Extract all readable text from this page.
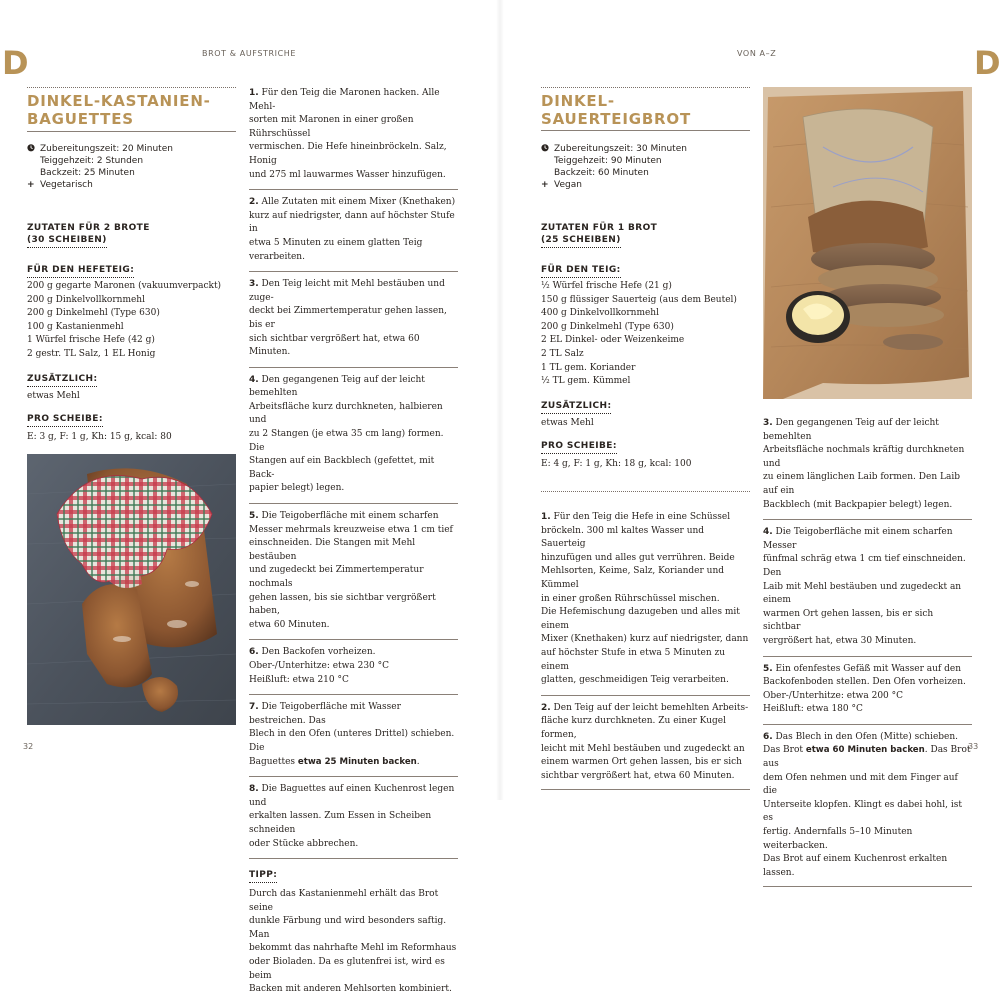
D	BROT & AUFSTRICHE
DINKEL-KASTANIEN-
BAGUETTES
Zubereitungszeit: 20 Minuten
Teiggehzeit: 2 Stunden
Backzeit: 25 Minuten
+ Vegetarisch
ZUTATEN FÜR 2 BROTE
(30 SCHEIBEN)
FÜR DEN HEFETEIG:
200 g gegarte Maronen (vakuumverpackt)
200 g Dinkelvollkornmehl
200 g Dinkelmehl (Type 630)
100 g Kastanienmehl
1 Würfel frische Hefe (42 g)
2 gestr. TL Salz, 1 EL Honig
ZUSÄTZLICH:
etwas Mehl
PRO SCHEIBE:
E: 3 g, F: 1 g, Kh: 15 g, kcal: 80
1. Für den Teig die Maronen hacken. Alle Mehl-
sorten mit Maronen in einer großen Rührschüssel
vermischen. Die Hefe hineinbröckeln. Salz, Honig
und 275 ml lauwarmes Wasser hinzufügen.
2. Alle Zutaten mit einem Mixer (Knethaken)
kurz auf niedrigster, dann auf höchster Stufe in
etwa 5 Minuten zu einem glatten Teig verarbeiten.
3. Den Teig leicht mit Mehl bestäuben und zuge-
deckt bei Zimmertemperatur gehen lassen, bis er
sich sichtbar vergrößert hat, etwa 60 Minuten.
4. Den gegangenen Teig auf der leicht bemehlten
Arbeitsfläche kurz durchkneten, halbieren und
zu 2 Stangen (je etwa 35 cm lang) formen. Die
Stangen auf ein Backblech (gefettet, mit Back-
papier belegt) legen.
5. Die Teigoberfläche mit einem scharfen
Messer mehrmals kreuzweise etwa 1 cm tief
einschneiden. Die Stangen mit Mehl bestäuben
und zugedeckt bei Zimmertemperatur nochmals
gehen lassen, bis sie sichtbar vergrößert haben,
etwa 60 Minuten.
6. Den Backofen vorheizen.
Ober-/Unterhitze: etwa 230 °C
Heißluft: etwa 210 °C
7. Die Teigoberfläche mit Wasser bestreichen. Das
Blech in den Ofen (unteres Drittel) schieben. Die
Baguettes etwa 25 Minuten backen.
8. Die Baguettes auf einen Kuchenrost legen und
erkalten lassen. Zum Essen in Scheiben schneiden
oder Stücke abbrechen.
TIPP:
Durch das Kastanienmehl erhält das Brot seine
dunkle Färbung und wird besonders saftig. Man
bekommt das nahrhafte Mehl im Reformhaus
oder Bioladen. Da es glutenfrei ist, wird es beim
Backen mit anderen Mehlsorten kombiniert.
32
VON A–Z	D
DINKEL-SAUERTEIGBROT
Zubereitungszeit: 30 Minuten
Teiggehzeit: 90 Minuten
Backzeit: 60 Minuten
+ Vegan
ZUTATEN FÜR 1 BROT
(25 SCHEIBEN)
FÜR DEN TEIG:
½ Würfel frische Hefe (21 g)
150 g flüssiger Sauerteig (aus dem Beutel)
400 g Dinkelvollkornmehl
200 g Dinkelmehl (Type 630)
2 EL Dinkel- oder Weizenkeime
2 TL Salz
1 TL gem. Koriander
½ TL gem. Kümmel
ZUSÄTZLICH:
etwas Mehl
PRO SCHEIBE:
E: 4 g, F: 1 g, Kh: 18 g, kcal: 100
1. Für den Teig die Hefe in eine Schüssel
bröckeln. 300 ml kaltes Wasser und Sauerteig
hinzufügen und alles gut verrühren. Beide
Mehlsorten, Keime, Salz, Koriander und Kümmel
in einer großen Rührschüssel mischen.
Die Hefemischung dazugeben und alles mit einem
Mixer (Knethaken) kurz auf niedrigster, dann
auf höchster Stufe in etwa 5 Minuten zu einem
glatten, geschmeidigen Teig verarbeiten.
2. Den Teig auf der leicht bemehlten Arbeits-
fläche kurz durchkneten. Zu einer Kugel formen,
leicht mit Mehl bestäuben und zugedeckt an
einem warmen Ort gehen lassen, bis er sich
sichtbar vergrößert hat, etwa 60 Minuten.
3. Den gegangenen Teig auf der leicht bemehlten
Arbeitsfläche nochmals kräftig durchkneten und
zu einem länglichen Laib formen. Den Laib auf ein
Backblech (mit Backpapier belegt) legen.
4. Die Teigoberfläche mit einem scharfen Messer
fünfmal schräg etwa 1 cm tief einschneiden. Den
Laib mit Mehl bestäuben und zugedeckt an einem
warmen Ort gehen lassen, bis er sich sichtbar
vergrößert hat, etwa 30 Minuten.
5. Ein ofenfestes Gefäß mit Wasser auf den
Backofenboden stellen. Den Ofen vorheizen.
Ober-/Unterhitze: etwa 200 °C
Heißluft: etwa 180 °C
6. Das Blech in den Ofen (Mitte) schieben.
Das Brot etwa 60 Minuten backen. Das Brot aus
dem Ofen nehmen und mit dem Finger auf die
Unterseite klopfen. Klingt es dabei hohl, ist es
fertig. Andernfalls 5–10 Minuten weiterbacken.
Das Brot auf einem Kuchenrost erkalten lassen.
33
